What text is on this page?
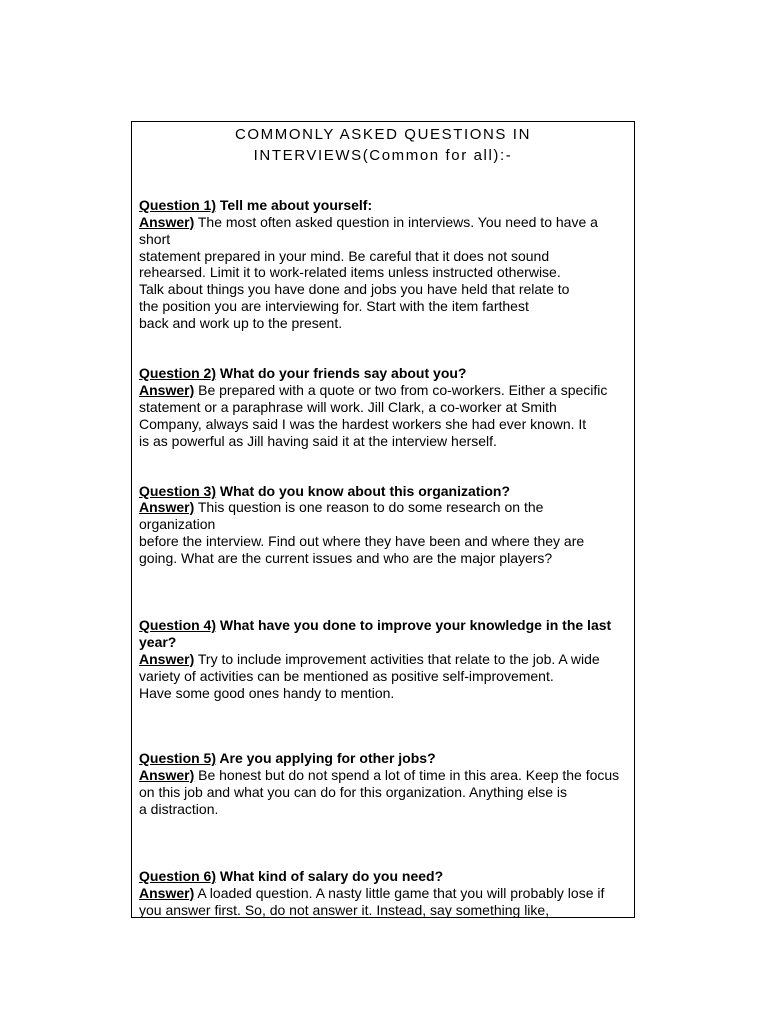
COMMONLY ASKED QUESTIONS IN
INTERVIEWS(Common for all):-
Question 1) Tell me about yourself:
Answer) The most often asked question in interviews. You need to have a
short
statement prepared in your mind. Be careful that it does not sound
rehearsed. Limit it to work-related items unless instructed otherwise.
Talk about things you have done and jobs you have held that relate to
the position you are interviewing for. Start with the item farthest
back and work up to the present.
Question 2) What do your friends say about you?
Answer) Be prepared with a quote or two from co-workers. Either a specific
statement or a paraphrase will work. Jill Clark, a co-worker at Smith
Company, always said I was the hardest workers she had ever known. It
is as powerful as Jill having said it at the interview herself.
Question 3) What do you know about this organization?
Answer) This question is one reason to do some research on the
organization
before the interview. Find out where they have been and where they are
going. What are the current issues and who are the major players?
Question 4) What have you done to improve your knowledge in the last
year?
Answer) Try to include improvement activities that relate to the job. A wide
variety of activities can be mentioned as positive self-improvement.
Have some good ones handy to mention.
Question 5) Are you applying for other jobs?
Answer) Be honest but do not spend a lot of time in this area. Keep the focus
on this job and what you can do for this organization. Anything else is
a distraction.
Question 6) What kind of salary do you need?
Answer) A loaded question. A nasty little game that you will probably lose if
you answer first. So, do not answer it. Instead, say something like,
